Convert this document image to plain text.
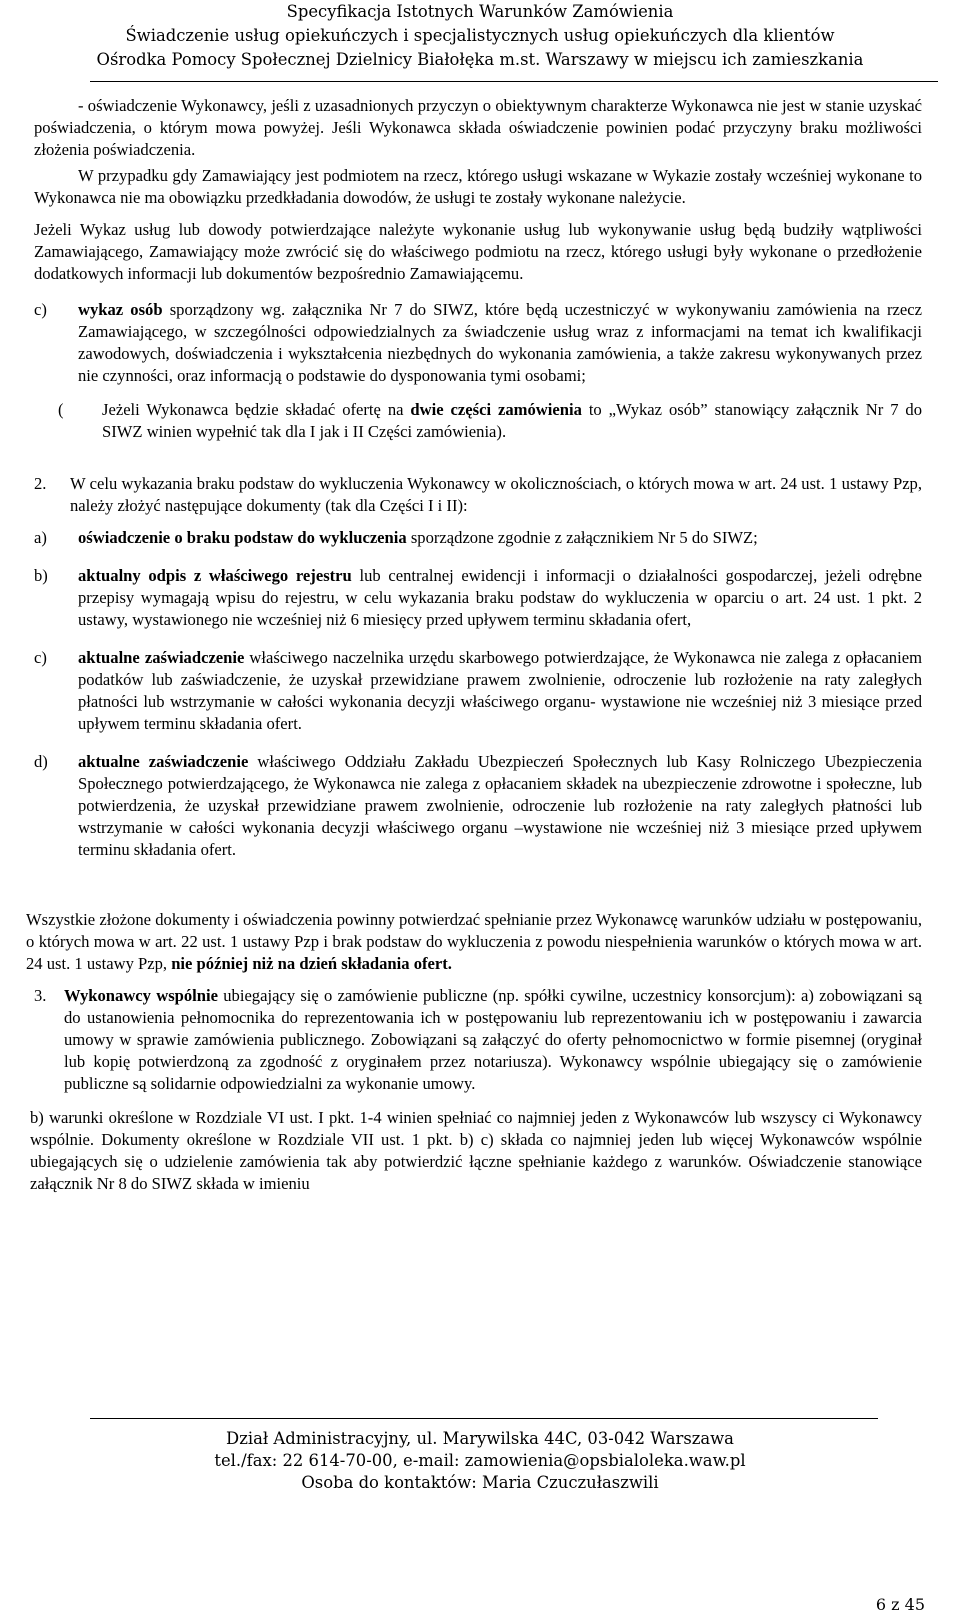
Specyfikacja Istotnych Warunków Zamówienia
Świadczenie usług opiekuńczych i specjalistycznych usług opiekuńczych dla klientów
Ośrodka Pomocy Społecznej Dzielnicy Białołęka m.st. Warszawy w miejscu ich zamieszkania

- oświadczenie Wykonawcy, jeśli z uzasadnionych przyczyn o obiektywnym charakterze Wykonawca nie jest w stanie uzyskać poświadczenia, o którym mowa powyżej. Jeśli Wykonawca składa oświadczenie powinien podać przyczyny braku możliwości złożenia poświadczenia.

W przypadku gdy Zamawiający jest podmiotem na rzecz, którego usługi wskazane w Wykazie zostały wcześniej wykonane to Wykonawca nie ma obowiązku przedkładania dowodów, że usługi te zostały wykonane należycie.

Jeżeli Wykaz usług lub dowody potwierdzające należyte wykonanie usług lub wykonywanie usług będą budziły wątpliwości Zamawiającego, Zamawiający może zwrócić się do właściwego podmiotu na rzecz, którego usługi były wykonane o przedłożenie dodatkowych informacji lub dokumentów bezpośrednio Zamawiającemu.

c)	wykaz osób sporządzony wg. załącznika Nr 7 do SIWZ, które będą uczestniczyć w wykonywaniu zamówienia na rzecz Zamawiającego, w szczególności odpowiedzialnych za świadczenie usług wraz z informacjami na temat ich kwalifikacji zawodowych, doświadczenia i wykształcenia niezbędnych do wykonania zamówienia, a także zakresu wykonywanych przez nie czynności, oraz informacją o podstawie do dysponowania tymi osobami;
(	Jeżeli Wykonawca będzie składać ofertę na dwie części zamówienia to „Wykaz osób” stanowiący załącznik Nr 7 do SIWZ winien wypełnić tak dla I jak i II Części zamówienia).
2.	W celu wykazania braku podstaw do wykluczenia Wykonawcy w okolicznościach, o których mowa w art. 24 ust. 1 ustawy Pzp, należy złożyć następujące dokumenty (tak dla Części I i II):
a)	oświadczenie o braku podstaw do wykluczenia sporządzone zgodnie z załącznikiem Nr 5 do SIWZ;
b)	aktualny odpis z właściwego rejestru lub centralnej ewidencji i informacji o działalności gospodarczej, jeżeli odrębne przepisy wymagają wpisu do rejestru, w celu wykazania braku podstaw do wykluczenia w oparciu o art. 24 ust. 1 pkt. 2 ustawy, wystawionego nie wcześniej niż 6 miesięcy przed upływem terminu składania ofert,
c)	aktualne zaświadczenie właściwego naczelnika urzędu skarbowego potwierdzające, że Wykonawca nie zalega z opłacaniem podatków lub zaświadczenie, że uzyskał przewidziane prawem zwolnienie, odroczenie lub rozłożenie na raty zaległych płatności lub wstrzymanie w całości wykonania decyzji właściwego organu- wystawione nie wcześniej niż 3 miesiące przed upływem terminu składania ofert.
d)	aktualne zaświadczenie właściwego Oddziału Zakładu Ubezpieczeń Społecznych lub Kasy Rolniczego Ubezpieczenia Społecznego potwierdzającego, że Wykonawca nie zalega z opłacaniem składek na ubezpieczenie zdrowotne i społeczne, lub potwierdzenia, że uzyskał przewidziane prawem zwolnienie, odroczenie lub rozłożenie na raty zaległych płatności lub wstrzymanie w całości wykonania decyzji właściwego organu –wystawione nie wcześniej niż 3 miesiące przed upływem terminu składania ofert.

Wszystkie złożone dokumenty i oświadczenia powinny potwierdzać spełnianie przez Wykonawcę warunków udziału w postępowaniu, o których mowa w art. 22 ust. 1 ustawy Pzp i brak podstaw do wykluczenia z powodu niespełnienia warunków o których mowa w art. 24 ust. 1 ustawy Pzp, nie później niż na dzień składania ofert.

3.	Wykonawcy wspólnie ubiegający się o zamówienie publiczne (np. spółki cywilne, uczestnicy konsorcjum): a) zobowiązani są do ustanowienia pełnomocnika do reprezentowania ich w postępowaniu lub reprezentowaniu ich w postępowaniu i zawarcia umowy w sprawie zamówienia publicznego. Zobowiązani są załączyć do oferty pełnomocnictwo w formie pisemnej (oryginał lub kopię potwierdzoną za zgodność z oryginałem przez notariusza). Wykonawcy wspólnie ubiegający się o zamówienie publiczne są solidarnie odpowiedzialni za wykonanie umowy.

b) warunki określone w Rozdziale VI ust. I pkt. 1-4 winien spełniać co najmniej jeden z Wykonawców lub wszyscy ci Wykonawcy wspólnie. Dokumenty określone w Rozdziale VII ust. 1 pkt. b) c) składa co najmniej jeden lub więcej Wykonawców wspólnie ubiegających się o udzielenie zamówienia tak aby potwierdzić łączne spełnianie każdego z warunków. Oświadczenie stanowiące załącznik Nr 8 do SIWZ składa w imieniu

Dział Administracyjny, ul. Marywilska 44C, 03-042 Warszawa
tel./fax: 22 614-70-00, e-mail: zamowienia@opsbialoleka.waw.pl
Osoba do kontaktów: Maria Czuczułaszwili
6 z 45
